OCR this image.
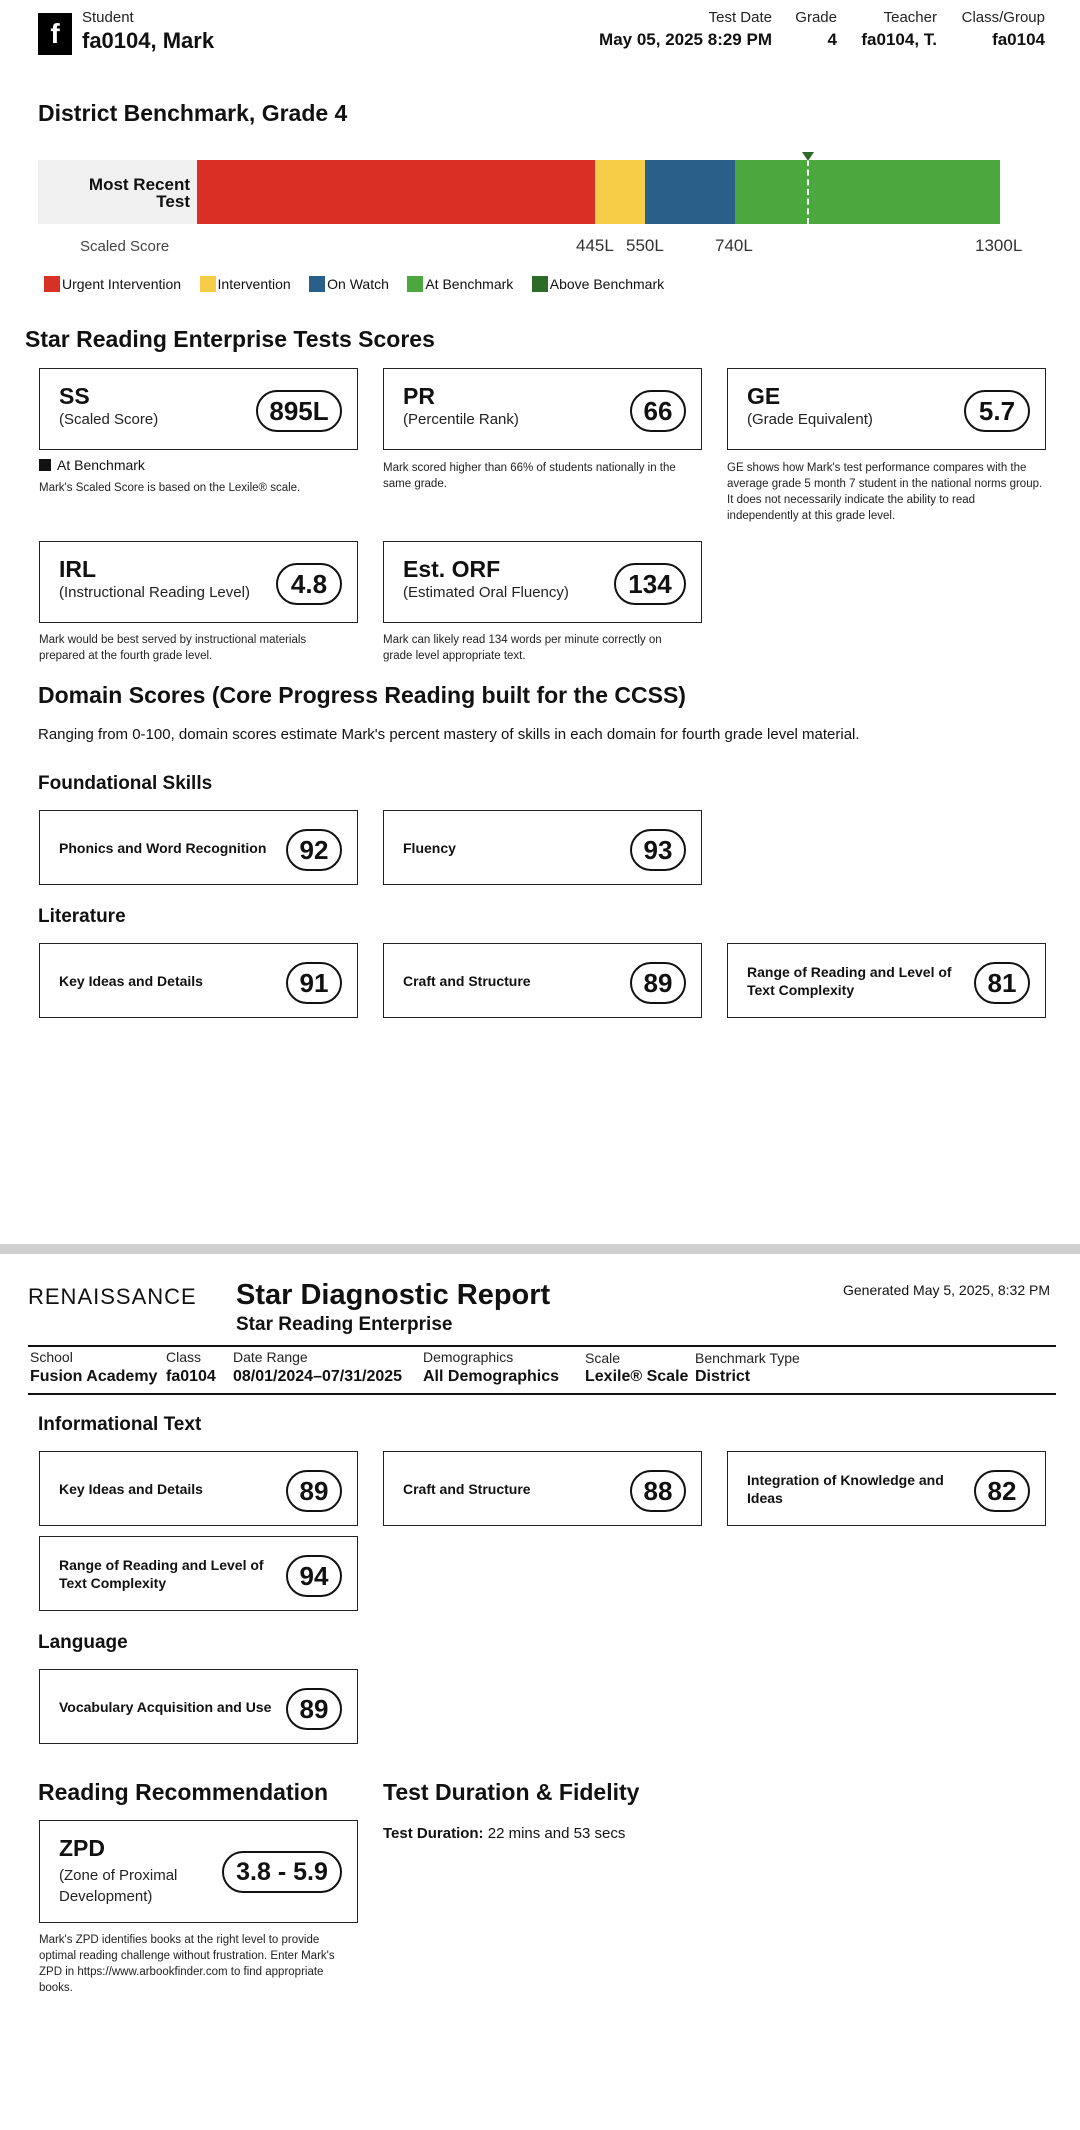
f
Student
fa0104, Mark
Test Date
May 05, 2025 8:29 PM
Grade
4
Teacher
fa0104, T.
Class/Group
fa0104
District Benchmark, Grade 4
Most Recent Test
Scaled Score	445L 550L	740L	1300L
Urgent Intervention
	Intervention
	On Watch
	At Benchmark
	Above Benchmark
Star Reading Enterprise Tests Scores
SS
(Scaled Score)	895L
At Benchmark
Mark's Scaled Score is based on the Lexile® scale.
PR
(Percentile Rank)	66
Mark scored higher than 66% of students nationally in the same grade.
GE
(Grade Equivalent)	5.7
GE shows how Mark's test performance compares with the average grade 5 month 7 student in the national norms group. It does not necessarily indicate the ability to read independently at this grade level.
IRL
(Instructional Reading Level)	4.8
Mark would be best served by instructional materials prepared at the fourth grade level.
Est. ORF
(Estimated Oral Fluency)	134
Mark can likely read 134 words per minute correctly on grade level appropriate text.
Domain Scores (Core Progress Reading built for the CCSS)
Ranging from 0-100, domain scores estimate Mark's percent mastery of skills in each domain for fourth grade level material.
Foundational Skills
Phonics and Word Recognition	92	Fluency	93
Literature
Key Ideas and Details	91	Craft and Structure	89	Range of Reading and Level of Text Complexity	81
RENAISSANCE Star Diagnostic Report
Star Reading Enterprise
Generated May 5, 2025, 8:32 PM
School
Fusion Academy
Class
fa0104
Date Range
08/01/2024–07/31/2025
Demographics
All Demographics
Scale
Lexile® Scale
Benchmark Type
District
Informational Text
Key Ideas and Details	89	Craft and Structure	88	Integration of Knowledge and Ideas	82
Range of Reading and Level of Text Complexity	94
Language
Vocabulary Acquisition and Use	89
Reading Recommendation
ZPD
(Zone of Proximal Development)
3.8 - 5.9
Mark's ZPD identifies books at the right level to provide optimal reading challenge without frustration. Enter Mark's ZPD in https://www.arbookfinder.com to find appropriate books.
Test Duration & Fidelity
Test Duration: 22 mins and 53 secs
